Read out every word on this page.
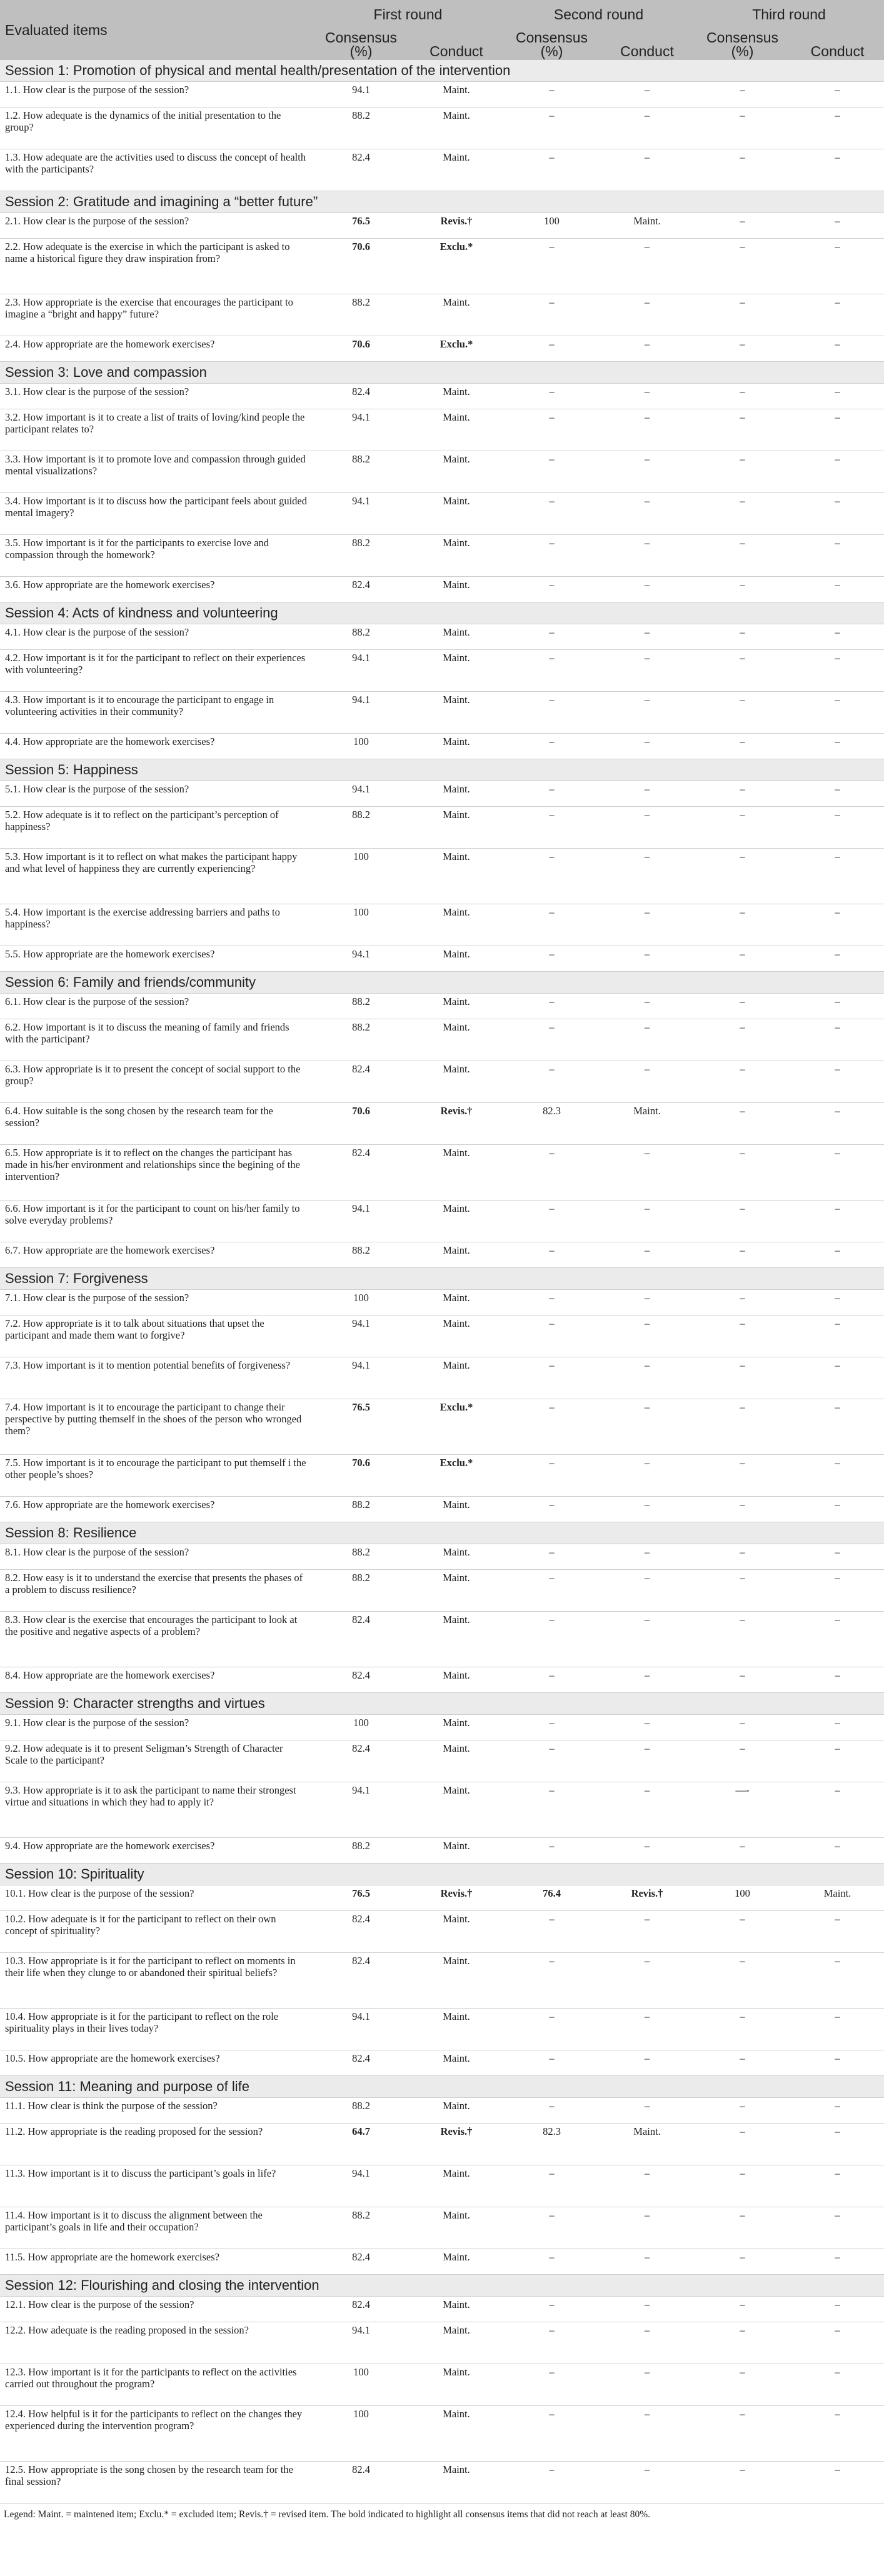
Evaluated items	First round		Second round		Third round	
	Consensus (%)	Conduct	Consensus (%)	Conduct	Consensus (%)	Conduct
Session 1: Promotion of physical and mental health/presentation of the intervention						
1.1. How clear is the purpose of the session?	94.1	Maint.	–	–	–	–
1.2. How adequate is the dynamics of the initial presentation to the group?	88.2	Maint.	–	–	–	–
1.3. How adequate are the activities used to discuss the concept of health with the participants?	82.4	Maint.	–	–	–	–
Session 2: Gratitude and imagining a “better future”						
2.1. How clear is the purpose of the session?	76.5	Revis.†	100	Maint.	–	–
2.2. How adequate is the exercise in which the participant is asked to name a historical figure they draw inspiration from?	70.6	Exclu.*	–	–	–	–
2.3. How appropriate is the exercise that encourages the participant to imagine a “bright and happy” future?	88.2	Maint.	–	–	–	–
2.4. How appropriate are the homework exercises?	70.6	Exclu.*	–	–	–	–
Session 3: Love and compassion						
3.1. How clear is the purpose of the session?	82.4	Maint.	–	–	–	–
3.2. How important is it to create a list of traits of loving/kind people the participant relates to?	94.1	Maint.	–	–	–	–
3.3. How important is it to promote love and compassion through guided mental visualizations?	88.2	Maint.	–	–	–	–
3.4. How important is it to discuss how the participant feels about guided mental imagery?	94.1	Maint.	–	–	–	–
3.5. How important is it for the participants to exercise love and compassion through the homework?	88.2	Maint.	–	–	–	–
3.6. How appropriate are the homework exercises?	82.4	Maint.	–	–	–	–
Session 4: Acts of kindness and volunteering						
4.1. How clear is the purpose of the session?	88.2	Maint.	–	–	–	–
4.2. How important is it for the participant to reflect on their experiences with volunteering?	94.1	Maint.	–	–	–	–
4.3. How important is it to encourage the participant to engage in volunteering activities in their community?	94.1	Maint.	–	–	–	–
4.4. How appropriate are the homework exercises?	100	Maint.	–	–	–	–
Session 5: Happiness						
5.1. How clear is the purpose of the session?	94.1	Maint.	–	–	–	–
5.2. How adequate is it to reflect on the participant’s perception of happiness?	88.2	Maint.	–	–	–	–
5.3. How important is it to reflect on what makes the participant happy and what level of happiness they are currently experiencing?	100	Maint.	–	–	–	–
5.4. How important is the exercise addressing barriers and paths to happiness?	100	Maint.	–	–	–	–
5.5. How appropriate are the homework exercises?	94.1	Maint.	–	–	–	–
Session 6: Family and friends/community						
6.1. How clear is the purpose of the session?	88.2	Maint.	–	–	–	–
6.2. How important is it to discuss the meaning of family and friends with the participant?	88.2	Maint.	–	–	–	–
6.3. How appropriate is it to present the concept of social support to the group?	82.4	Maint.	–	–	–	–
6.4. How suitable is the song chosen by the research team for the session?	70.6	Revis.†	82.3	Maint.	–	–
6.5. How appropriate is it to reflect on the changes the participant has made in his/her environment and relationships since the begining of the intervention?	82.4	Maint.	–	–	–	–
6.6. How important is it for the participant to count on his/her family to solve everyday problems?	94.1	Maint.	–	–	–	–
6.7. How appropriate are the homework exercises?	88.2	Maint.	–	–	–	–
Session 7: Forgiveness						
7.1. How clear is the purpose of the session?	100	Maint.	–	–	–	–
7.2. How appropriate is it to talk about situations that upset the participant and made them want to forgive?	94.1	Maint.	–	–	–	–
7.3. How important is it to mention potential benefits of forgiveness?	94.1	Maint.	–	–	–	–
7.4. How important is it to encourage the participant to change their perspective by putting themself in the shoes of the person who wronged them?	76.5	Exclu.*	–	–	–	–
7.5. How important is it to encourage the participant to put themself i the other people’s shoes?	70.6	Exclu.*	–	–	–	–
7.6. How appropriate are the homework exercises?	88.2	Maint.	–	–	–	–
Session 8: Resilience						
8.1. How clear is the purpose of the session?	88.2	Maint.	–	–	–	–
8.2. How easy is it to understand the exercise that presents the phases of a problem to discuss resilience?	88.2	Maint.	–	–	–	–
8.3. How clear is the exercise that encourages the participant to look at the positive and negative aspects of a problem?	82.4	Maint.	–	–	–	–
8.4. How appropriate are the homework exercises?	82.4	Maint.	–	–	–	–
Session 9: Character strengths and virtues						
9.1. How clear is the purpose of the session?	100	Maint.	–	–	–	–
9.2. How adequate is it to present Seligman’s Strength of Character Scale to the participant?	82.4	Maint.	–	–	–	–
9.3. How appropriate is it to ask the participant to name their strongest virtue and situations in which they had to apply it?	94.1	Maint.	–	–	—-	–
9.4. How appropriate are the homework exercises?	88.2	Maint.	–	–	–	–
Session 10: Spirituality						
10.1. How clear is the purpose of the session?	76.5	Revis.†	76.4	Revis.†	100	Maint.
10.2. How adequate is it for the participant to reflect on their own concept of spirituality?	82.4	Maint.	–	–	–	–
10.3. How appropriate is it for the participant to reflect on moments in their life when they clunge to or abandoned their spiritual beliefs?	82.4	Maint.	–	–	–	–
10.4. How appropriate is it for the participant to reflect on the role spirituality plays in their lives today?	94.1	Maint.	–	–	–	–
10.5. How appropriate are the homework exercises?	82.4	Maint.	–	–	–	–
Session 11: Meaning and purpose of life						
11.1. How clear is think the purpose of the session?	88.2	Maint.	–	–	–	–
11.2. How appropriate is the reading proposed for the session?	64.7	Revis.†	82.3	Maint.	–	–
11.3. How important is it to discuss the participant’s goals in life?	94.1	Maint.	–	–	–	–
11.4. How important is it to discuss the alignment between the participant’s goals in life and their occupation?	88.2	Maint.	–	–	–	–
11.5. How appropriate are the homework exercises?	82.4	Maint.	–	–	–	–
Session 12: Flourishing and closing the intervention						
12.1. How clear is the purpose of the session?	82.4	Maint.	–	–	–	–
12.2. How adequate is the reading proposed in the session?	94.1	Maint.	–	–	–	–
12.3. How important is it for the participants to reflect on the activities carried out throughout the program?	100	Maint.	–	–	–	–
12.4. How helpful is it for the participants to reflect on the changes they experienced during the intervention program?	100	Maint.	–	–	–	–
12.5. How appropriate is the song chosen by the research team for the final session?	82.4	Maint.	–	–	–	–
Legend: Maint. = maintened item; Exclu.* = excluded item; Revis.† = revised item. The bold indicated to highlight all consensus items that did not reach at least 80%.						
